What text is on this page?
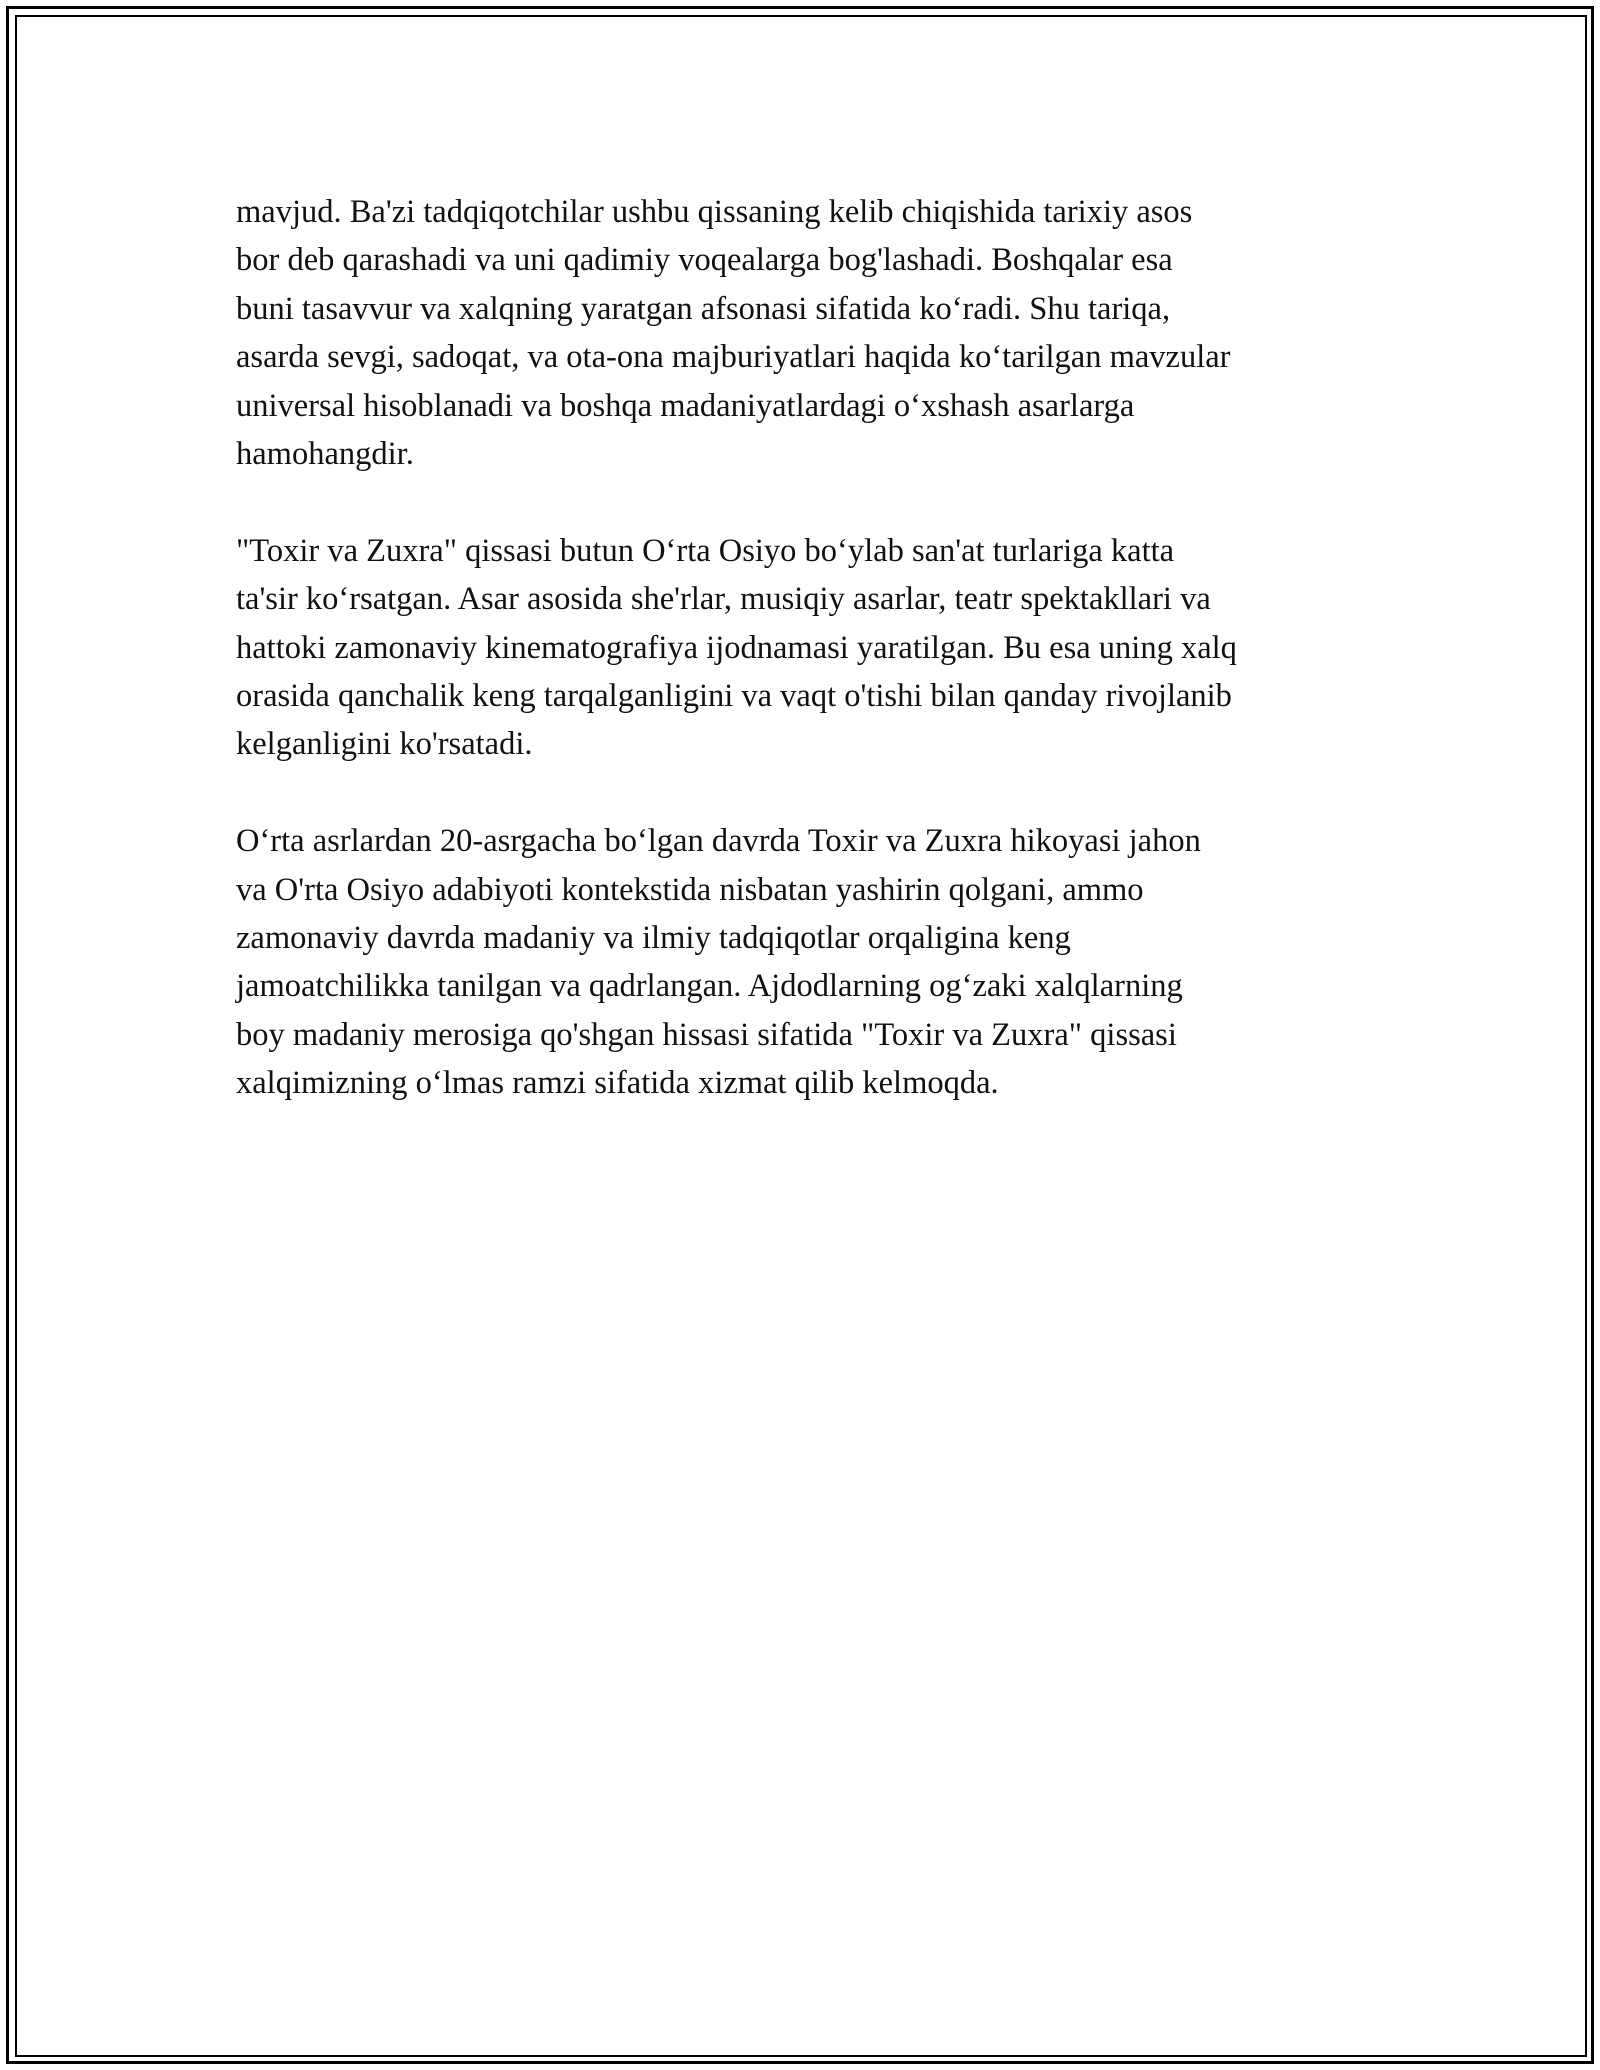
mavjud. Ba'zi tadqiqotchilar ushbu qissaning kelib chiqishida tarixiy asos
bor deb qarashadi va uni qadimiy voqealarga bog'lashadi. Boshqalar esa
buni tasavvur va xalqning yaratgan afsonasi sifatida ko‘radi. Shu tariqa,
asarda sevgi, sadoqat, va ota-ona majburiyatlari haqida ko‘tarilgan mavzular
universal hisoblanadi va boshqa madaniyatlardagi o‘xshash asarlarga
hamohangdir.

"Toxir va Zuxra" qissasi butun O‘rta Osiyo bo‘ylab san'at turlariga katta
ta'sir ko‘rsatgan. Asar asosida she'rlar, musiqiy asarlar, teatr spektakllari va
hattoki zamonaviy kinematografiya ijodnamasi yaratilgan. Bu esa uning xalq
orasida qanchalik keng tarqalganligini va vaqt o'tishi bilan qanday rivojlanib
kelganligini ko'rsatadi.

O‘rta asrlardan 20-asrgacha bo‘lgan davrda Toxir va Zuxra hikoyasi jahon
va O'rta Osiyo adabiyoti kontekstida nisbatan yashirin qolgani, ammo
zamonaviy davrda madaniy va ilmiy tadqiqotlar orqaligina keng
jamoatchilikka tanilgan va qadrlangan. Ajdodlarning og‘zaki xalqlarning
boy madaniy merosiga qo'shgan hissasi sifatida "Toxir va Zuxra" qissasi
xalqimizning o‘lmas ramzi sifatida xizmat qilib kelmoqda.
